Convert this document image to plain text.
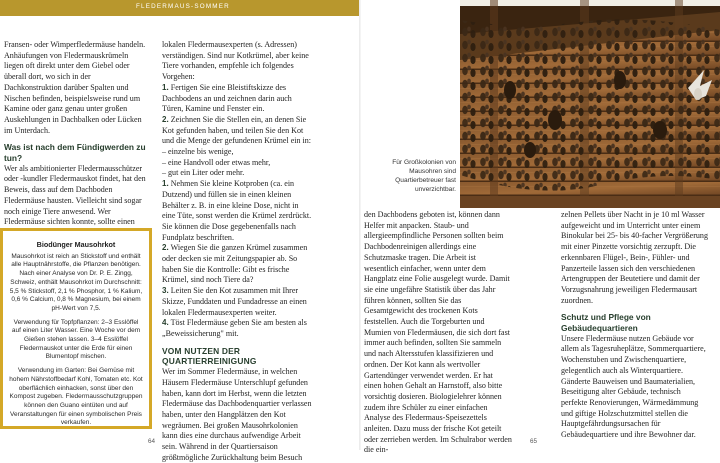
FLEDERMAUS-SOMMER

Fransen- oder Wimperfledermäuse handeln. Anhäufungen von Fledermauskrümeln liegen oft direkt unter dem Giebel oder überall dort, wo sich in der Dachkonstruktion darüber Spalten und Nischen befinden, beispielsweise rund um Kamine oder ganz genau unter großen Auskehlungen in Dachbalken oder Lücken im Unterdach.

Was ist nach dem Fündigwerden zu tun?

Wer als ambitionierter Fledermausschützer oder -kundler Fledermauskot findet, hat den Beweis, dass auf dem Dachboden Fledermäuse hausten. Vielleicht sind sogar noch einige Tiere anwesend. Wer Fledermäuse sichten konnte, sollte einen

lokalen Fledermausexperten (s. Adressen) verständigen. Sind nur Kotkrümel, aber keine Tiere vorhanden, empfehle ich folgendes Vorgehen:

1. Fertigen Sie eine Bleistiftskizze des Dachbodens an und zeichnen darin auch Türen, Kamine und Fenster ein.

2. Zeichnen Sie die Stellen ein, an denen Sie Kot gefunden haben, und teilen Sie den Kot und die Menge der gefundenen Krümel ein in:

– einzelne bis wenige,

– eine Handvoll oder etwas mehr,

– gut ein Liter oder mehr.

1. Nehmen Sie kleine Kotproben (ca. ein Dutzend) und füllen sie in einen kleinen Behälter z. B. in eine kleine Dose, nicht in eine Tüte, sonst werden die Krümel zerdrückt. Sie können die Dose gegebenenfalls nach Fundplatz beschriften.

2. Wiegen Sie die ganzen Krümel zusammen oder decken sie mit Zeitungspapier ab. So haben Sie die Kontrolle: Gibt es frische Krümel, sind noch Tiere da?

3. Leiten Sie den Kot zusammen mit Ihrer Skizze, Funddaten und Fundadresse an einen lokalen Fledermausexperten weiter.

4. Töst Fledermäuse geben Sie am besten als „Beweissicherung" mit.

VOM NUTZEN DER QUARTIERREINIGUNG

Wer im Sommer Fledermäuse, in welchen Häusern Fledermäuse Unterschlupf gefunden haben, kann dort im Herbst, wenn die letzten Fledermäuse das Dachbodenquartier verlassen haben, unter den Hangplätzen den Kot wegräumen. Bei großen Mausohrkolonien kann dies eine durchaus aufwendige Arbeit sein. Während in der Quartiersaison größtmögliche Zurückhaltung beim Besuch

Biodünger Mausohrkot

Mausohrkot ist reich an Stickstoff und enthält alle Hauptnährstoffe, die Pflanzen benötigen. Nach einer Analyse von Dr. P. E. Zingg, Schweiz, enthält Mausohrkot im Durchschnitt: 5,5 % Stickstoff, 2,1 % Phosphor, 1 % Kalium, 0,6 % Calcium, 0,8 % Magnesium, bei einem pH-Wert von 7,5.

Verwendung für Topfpflanzen: 2–3 Esslöffel auf einen Liter Wasser. Eine Woche vor dem Gießen stehen lassen. 3–4 Esslöffel Fledermauskot unter die Erde für einen Blumentopf mischen.

Verwendung im Garten: Bei Gemüse mit hohem Nährstoffbedarf Kohl, Tomaten etc. Kot oberflächlich einhacken, sonst über den Kompost zugeben. Fledermausschutzgruppen können den Guano eintüten und auf Veranstaltungen für einen symbolischen Preis verkaufen.

64
Für Großkolonien von Mausohren sind Quartierbetreuer fast unverzichtbar.

den Dachbodens geboten ist, können dann Helfer mit anpacken. Staub- und allergieempfindliche Personen sollten beim Dachbodenreinigen allerdings eine Schutzmaske tragen. Die Arbeit ist wesentlich einfacher, wenn unter dem Hangplatz eine Folie ausgelegt wurde. Damit sie eine ungefähre Statistik über das Jahr führen können, sollten Sie das Gesamtgewicht des trockenen Kots feststellen. Auch die Torgeburten und Mumien von Fledermäusen, die sich dort fast immer auch befinden, sollten Sie sammeln und nach Altersstufen klassifizieren und ordnen. Der Kot kann als wertvoller Gartendünger verwendet werden. Er hat einen hohen Gehalt an Harnstoff, also bitte vorsichtig dosieren. Biologielehrer können zudem ihre Schüler zu einer einfachen Analyse des Fledermaus-Speisezettels anleiten. Dazu muss der frische Kot geteilt oder zerrieben werden. Im Schulrabor werden die ein-

zelnen Pellets über Nacht in je 10 ml Wasser aufgeweicht und im Unterricht unter einem Binokular bei 25- bis 40-facher Vergrößerung mit einer Pinzette vorsichtig zerzupft. Die erkennbaren Flügel-, Bein-, Fühler- und Panzerteile lassen sich den verschiedenen Artengruppen der Beutetiere und damit der Vorzugsnahrung jeweiligen Fledermausart zuordnen.

Schutz und Pflege von Gebäudequartieren

Unsere Fledermäuse nutzen Gebäude vor allem als Tagesruheplätze, Sommerquartiere, Wochenstuben und Zwischenquartiere, gelegentlich auch als Winterquartiere. Gänderte Bauweisen und Baumaterialien, Beseitigung alter Gebäude, technisch perfekte Renovierungen, Wärmedämmung und giftige Holzschutzmittel stellen die Hauptgefährdungsursachen für Gebäudequartiere und ihre Bewohner dar.

65
